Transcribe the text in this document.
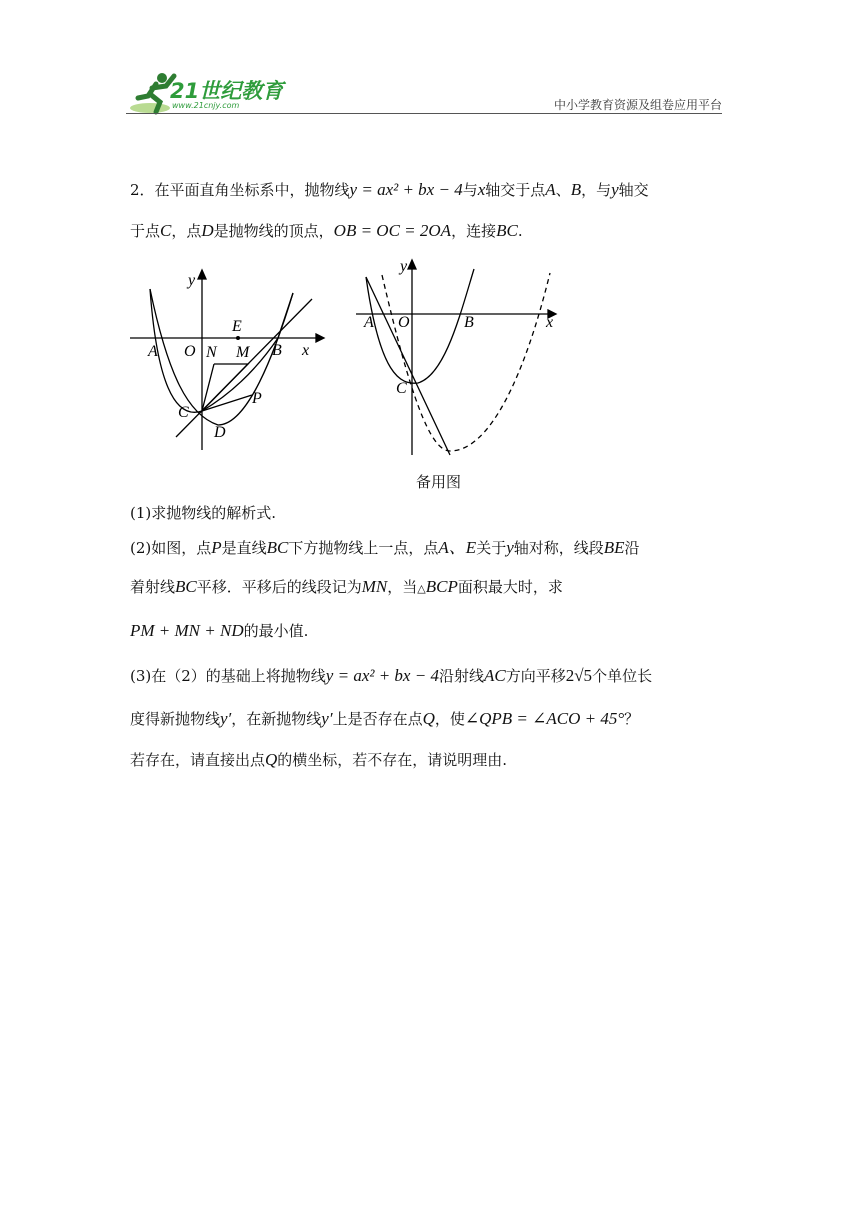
21世纪教育
www.21cnjy.com	中小学教育资源及组卷应用平台
2．在平面直角坐标系中，抛物线y = ax² + bx − 4与x轴交于点A、B，与y轴交
于点C，点D是抛物线的顶点，OB = OC = 2OA，连接BC.
y
x
O
A	B
C
D
E
M
N
P
y
x
O
A	B
C
备用图
(1)求抛物线的解析式.
(2)如图，点P是直线BC下方抛物线上一点，点A、E关于y轴对称，线段BE沿
着射线BC平移．平移后的线段记为MN，当△BCP面积最大时，求
PM + MN + ND的最小值.
(3)在（2）的基础上将抛物线y = ax² + bx − 4沿射线AC方向平移2√5个单位长
度得新抛物线y′，在新抛物线y′上是否存在点Q，使∠QPB = ∠ACO + 45°？
若存在，请直接出点Q的横坐标，若不存在，请说明理由.
